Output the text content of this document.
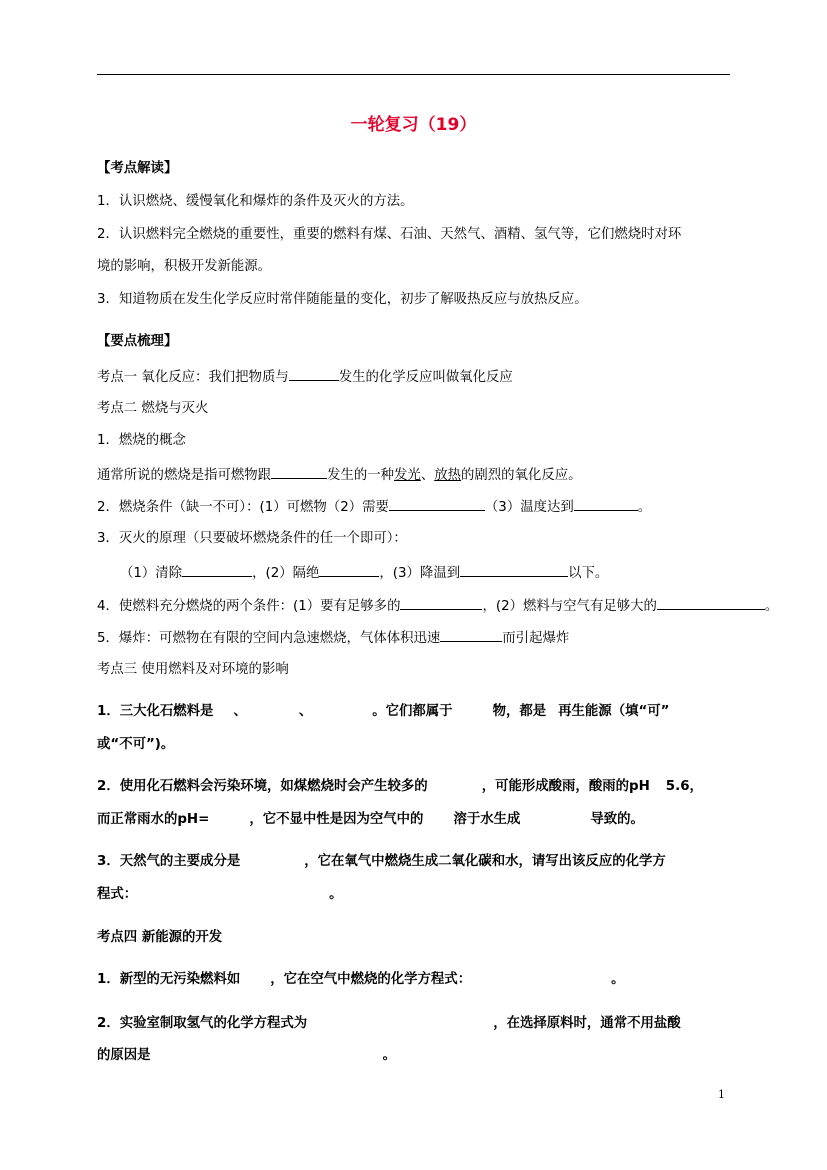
一轮复习（19）
【考点解读】
1．认识燃烧、缓慢氧化和爆炸的条件及灭火的方法。
2．认识燃料完全燃烧的重要性，重要的燃料有煤、石油、天然气、酒精、氢气等，它们燃烧时对环
境的影响，积极开发新能源。
3．知道物质在发生化学反应时常伴随能量的变化，初步了解吸热反应与放热反应。
【要点梳理】
考点一 氧化反应：我们把物质与	发生的化学反应叫做氧化反应
考点二 燃烧与灭火
1．燃烧的概念
通常所说的燃烧是指可燃物跟	发生的一种发光、放热的剧烈的氧化反应。
2．燃烧条件（缺一不可）：(1）可燃物（2）需要	（3）温度达到	。
3．灭火的原理（只要破坏燃烧条件的任一个即可）：
（1）清除	，(2）隔绝	，(3）降温到	以下。
4．使燃料充分燃烧的两个条件：(1）要有足够多的	，(2）燃料与空气有足够大的	。
5．爆炸：可燃物在有限的空间内急速燃烧，气体体积迅速	而引起爆炸
考点三 使用燃料及对环境的影响
1．三大化石燃料是 、	、	。它们都属于	物，都是 再生能源（填“可”
或“不可”)。
2．使用化石燃料会污染环境，如煤燃烧时会产生较多的	，可能形成酸雨，酸雨的pH 5.6，
而正常雨水的pH=	，它不显中性是因为空气中的 溶于水生成	导致的。
3．天然气的主要成分是	，它在氧气中燃烧生成二氧化碳和水，请写出该反应的化学方
程式：	。
考点四 新能源的开发
1．新型的无污染燃料如 ，它在空气中燃烧的化学方程式：	。
2．实验室制取氢气的化学方程式为	，在选择原料时，通常不用盐酸
的原因是	。
1
